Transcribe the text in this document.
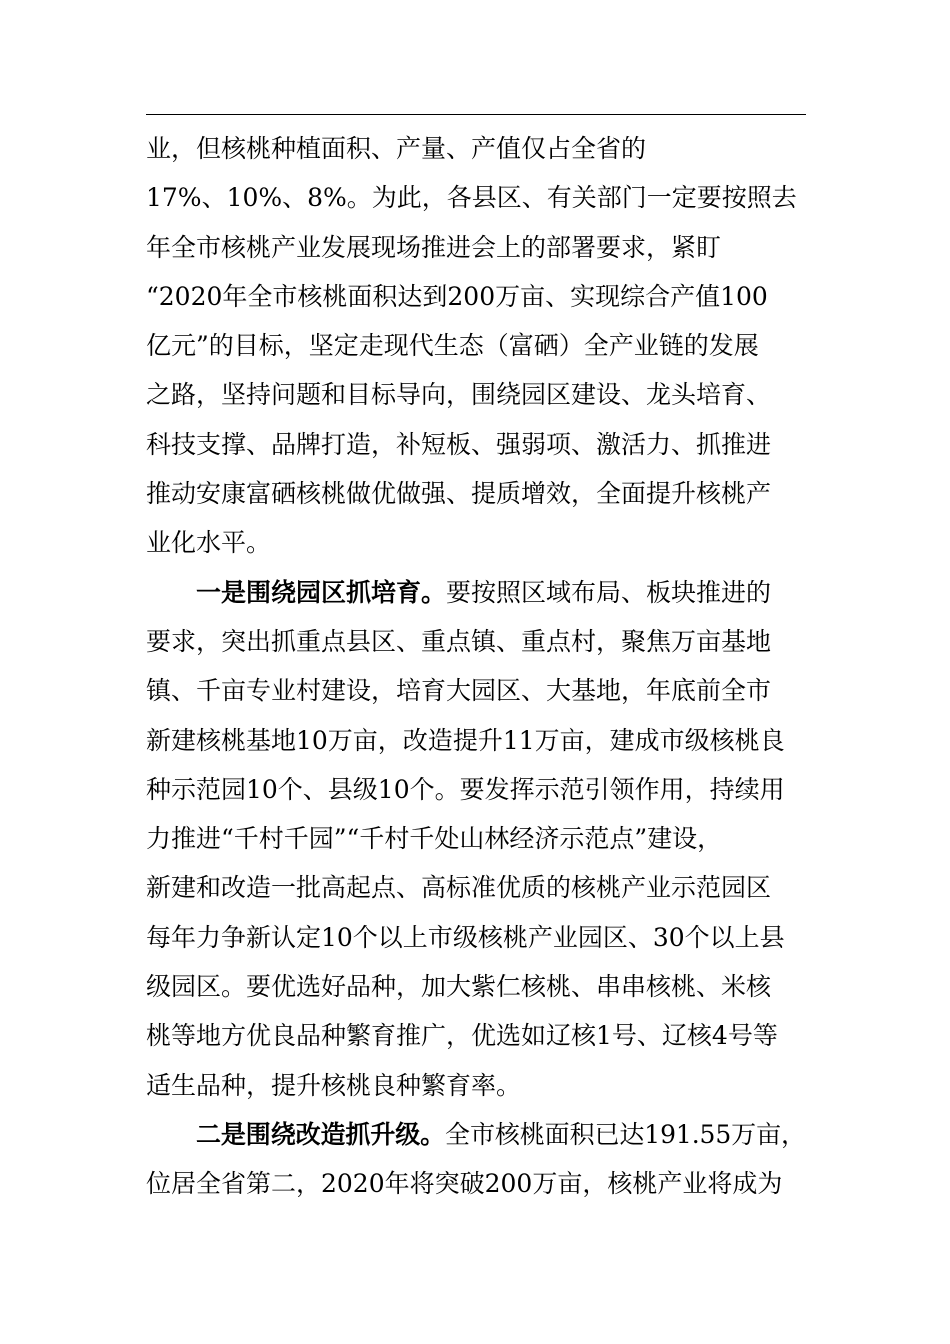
业，但核桃种植面积、产量、产值仅占全省的
17%、10%、8%。为此，各县区、有关部门一定要按照去
年全市核桃产业发展现场推进会上的部署要求，紧盯
“2020年全市核桃面积达到200万亩、实现综合产值100
亿元”的目标，坚定走现代生态（富硒）全产业链的发展
之路，坚持问题和目标导向，围绕园区建设、龙头培育、
科技支撑、品牌打造，补短板、强弱项、激活力、抓推进
推动安康富硒核桃做优做强、提质增效，全面提升核桃产
业化水平。
一是围绕园区抓培育。要按照区域布局、板块推进的
要求，突出抓重点县区、重点镇、重点村，聚焦万亩基地
镇、千亩专业村建设，培育大园区、大基地，年底前全市
新建核桃基地10万亩，改造提升11万亩，建成市级核桃良
种示范园10个、县级10个。要发挥示范引领作用，持续用
力推进“千村千园”“千村千处山林经济示范点”建设，
新建和改造一批高起点、高标准优质的核桃产业示范园区
每年力争新认定10个以上市级核桃产业园区、30个以上县
级园区。要优选好品种，加大紫仁核桃、串串核桃、米核
桃等地方优良品种繁育推广，优选如辽核1号、辽核4号等
适生品种，提升核桃良种繁育率。
二是围绕改造抓升级。全市核桃面积已达191.55万亩，
位居全省第二，2020年将突破200万亩，核桃产业将成为
